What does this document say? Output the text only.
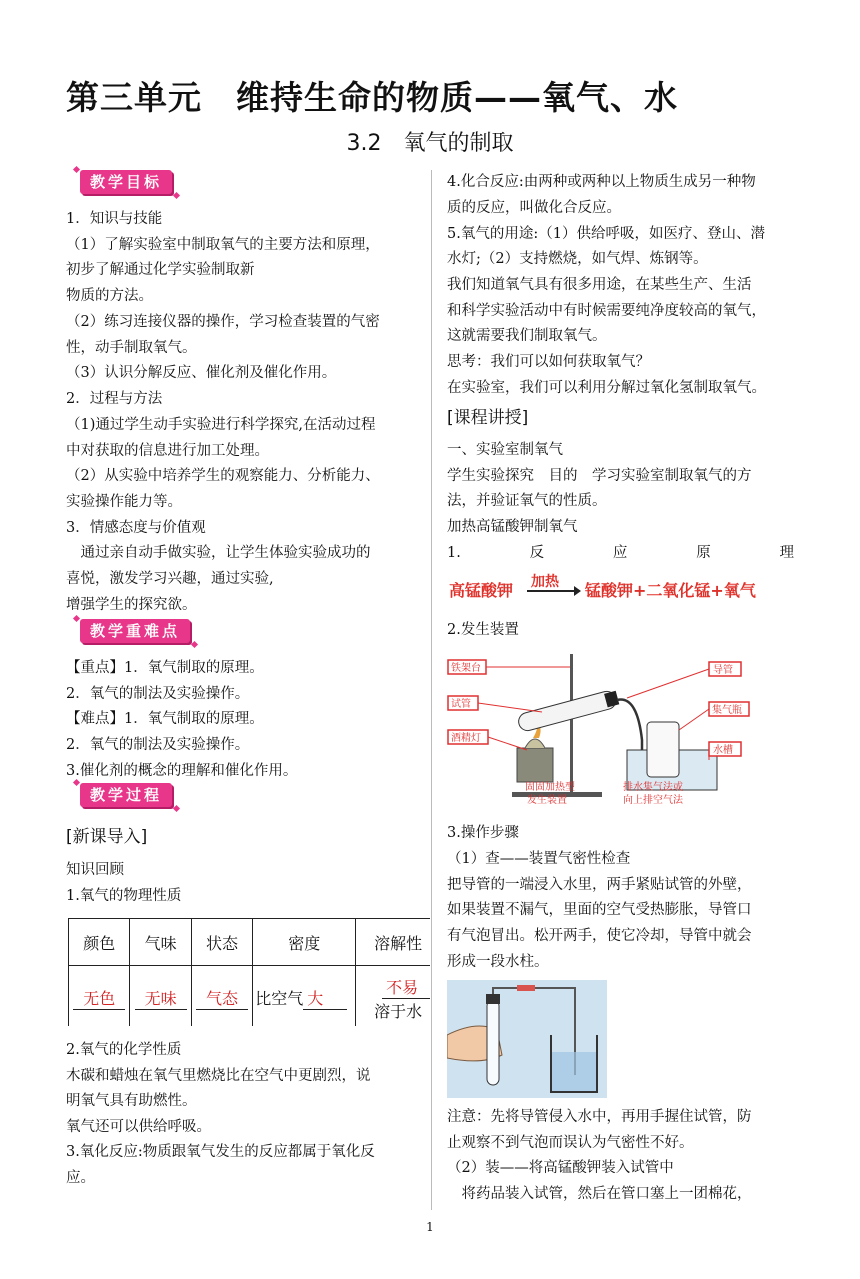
第三单元　维持生命的物质——氧气、水
3.2　氧气的制取
教学目标
1．知识与技能
（1）了解实验室中制取氧气的主要方法和原理，
初步了解通过化学实验制取新
物质的方法。
（2）练习连接仪器的操作，学习检查装置的气密
性，动手制取氧气。
（3）认识分解反应、催化剂及催化作用。
2．过程与方法
（1)通过学生动手实验进行科学探究,在活动过程
中对获取的信息进行加工处理。
（2）从实验中培养学生的观察能力、分析能力、
实验操作能力等。
3．情感态度与价值观
　通过亲自动手做实验，让学生体验实验成功的
喜悦，激发学习兴趣，通过实验,
增强学生的探究欲。
教学重难点
【重点】1．氧气制取的原理。
2．氧气的制法及实验操作。
【难点】1．氧气制取的原理。
2．氧气的制法及实验操作。
3.催化剂的概念的理解和催化作用。
教学过程
[新课导入]
知识回顾
1.氧气的物理性质
颜色	气味	状态	密度	溶解性
无色	无味	气态	比空气 大	不易
溶于水
2.氧气的化学性质
木碳和蜡烛在氧气里燃烧比在空气中更剧烈，说
明氧气具有助燃性。
氧气还可以供给呼吸。
3.氧化反应:物质跟氧气发生的反应都属于氧化反
应。
4.化合反应:由两种或两种以上物质生成另一种物
质的反应，叫做化合反应。
5.氧气的用途:（1）供给呼吸，如医疗、登山、潜
水灯;（2）支持燃烧，如气焊、炼钢等。
我们知道氧气具有很多用途，在某些生产、生活
和科学实验活动中有时候需要纯净度较高的氧气，
这就需要我们制取氧气。
思考：我们可以如何获取氧气？
在实验室，我们可以利用分解过氧化氢制取氧气。
[课程讲授]
一、实验室制氧气
学生实验探究　目的　学习实验室制取氧气的方
法，并验证氧气的性质。
加热高锰酸钾制氧气
1.	反	应	原	理
高锰酸钾 加热 锰酸钾+二氧化锰+氧气
2.发生装置
铁架台
试管
酒精灯
导管
集气瓶
水槽
固固加热型
发生装置
排水集气法或
向上排空气法
3.操作步骤
（1）查——装置气密性检查
把导管的一端浸入水里，两手紧贴试管的外壁，
如果装置不漏气，里面的空气受热膨胀，导管口
有气泡冒出。松开两手，使它冷却，导管中就会
形成一段水柱。
注意：先将导管侵入水中，再用手握住试管，防
止观察不到气泡而误认为气密性不好。
（2）装——将高锰酸钾装入试管中
　将药品装入试管，然后在管口塞上一团棉花，
1
